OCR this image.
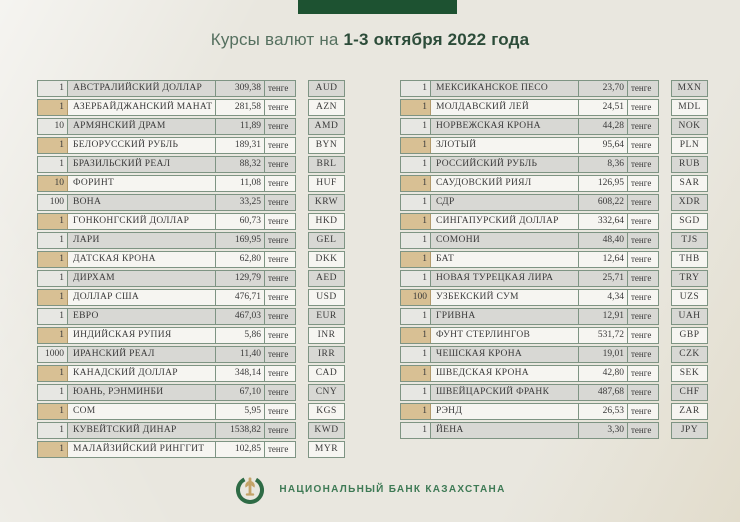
Курсы валют на 1-3 октября 2022 года
1 АВСТРАЛИЙСКИЙ ДОЛЛАР	309,38 тенге	AUD
1 АЗЕРБАЙДЖАНСКИЙ МАНАТ	281,58 тенге	AZN
10 АРМЯНСКИЙ ДРАМ	11,89 тенге	AMD
1 БЕЛОРУССКИЙ РУБЛЬ	189,31 тенге	BYN
1 БРАЗИЛЬСКИЙ РЕАЛ	88,32 тенге	BRL
10 ФОРИНТ	11,08 тенге	HUF
100 ВОНА	33,25 тенге	KRW
1 ГОНКОНГСКИЙ ДОЛЛАР	60,73 тенге	HKD
1 ЛАРИ	169,95 тенге	GEL
1 ДАТСКАЯ КРОНА	62,80 тенге	DKK
1 ДИРХАМ	129,79 тенге	AED
1 ДОЛЛАР США	476,71 тенге	USD
1 ЕВРО	467,03 тенге	EUR
1 ИНДИЙСКАЯ РУПИЯ	5,86 тенге	INR
1000 ИРАНСКИЙ РЕАЛ	11,40 тенге	IRR
1 КАНАДСКИЙ ДОЛЛАР	348,14 тенге	CAD
1 ЮАНЬ, РЭНМИНБИ	67,10 тенге	CNY
1 СОМ	5,95 тенге	KGS
1 КУВЕЙТСКИЙ ДИНАР	1538,82 тенге	KWD
1 МАЛАЙЗИЙСКИЙ РИНГГИТ	102,85 тенге	MYR
1 МЕКСИКАНСКОЕ ПЕСО	23,70 тенге	MXN
1 МОЛДАВСКИЙ ЛЕЙ	24,51 тенге	MDL
1 НОРВЕЖСКАЯ КРОНА	44,28 тенге	NOK
1 ЗЛОТЫЙ	95,64 тенге	PLN
1 РОССИЙСКИЙ РУБЛЬ	8,36 тенге	RUB
1 САУДОВСКИЙ РИЯЛ	126,95 тенге	SAR
1 СДР	608,22 тенге	XDR
1 СИНГАПУРСКИЙ ДОЛЛАР	332,64 тенге	SGD
1 СОМОНИ	48,40 тенге	TJS
1 БАТ	12,64 тенге	THB
1 НОВАЯ ТУРЕЦКАЯ ЛИРА	25,71 тенге	TRY
100 УЗБЕКСКИЙ СУМ	4,34 тенге	UZS
1 ГРИВНА	12,91 тенге	UAH
1 ФУНТ СТЕРЛИНГОВ	531,72 тенге	GBP
1 ЧЕШСКАЯ КРОНА	19,01 тенге	CZK
1 ШВЕДСКАЯ КРОНА	42,80 тенге	SEK
1 ШВЕЙЦАРСКИЙ ФРАНК	487,68 тенге	CHF
1 РЭНД	26,53 тенге	ZAR
1 ЙЕНА	3,30 тенге	JPY
НАЦИОНАЛЬНЫЙ БАНК КАЗАХСТАНА
